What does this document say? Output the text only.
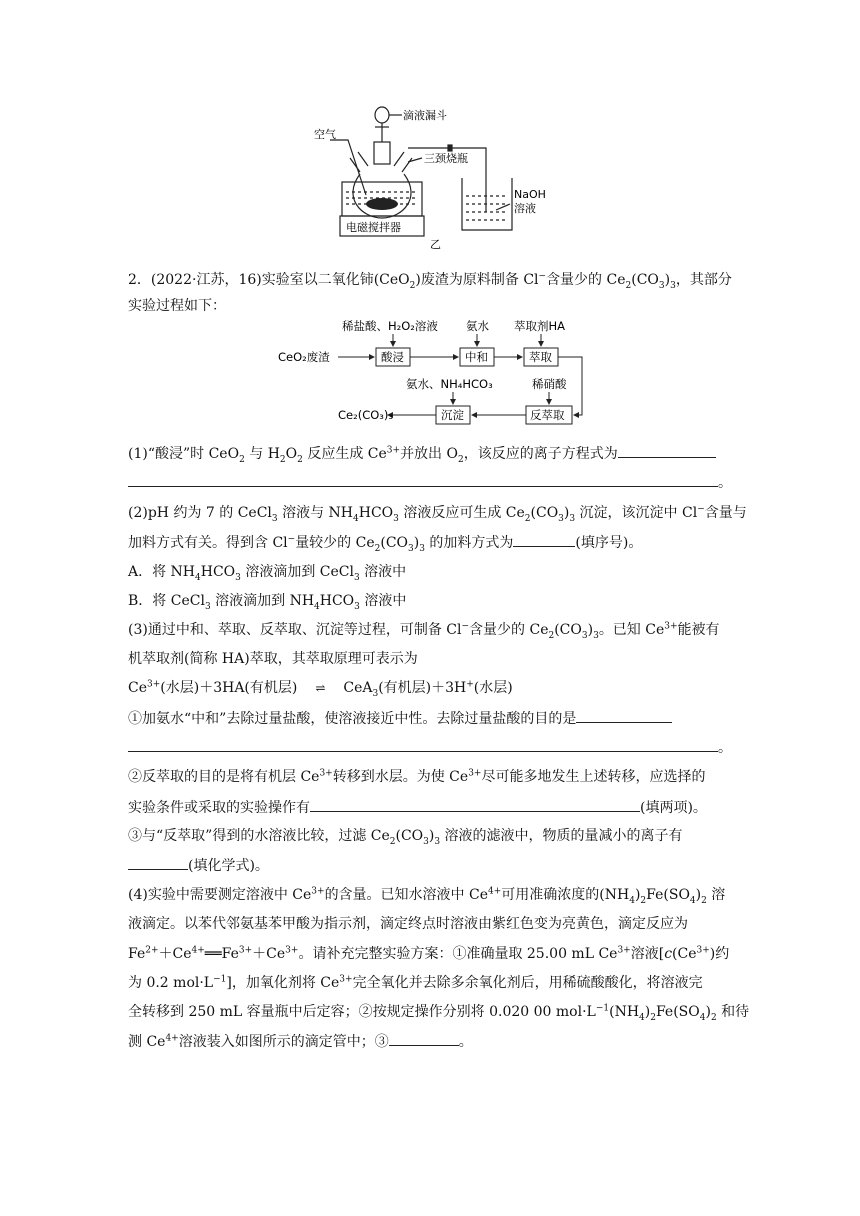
滴液漏斗
空气
三颈烧瓶
NaOH
溶液
电磁搅拌器
乙
稀盐酸、H₂O₂溶液 氨水 萃取剂HA
氨水、NH₄HCO₃	稀硝酸
CeO₂废渣	酸浸	中和	萃取
反萃取
沉淀
Ce₂(CO₃)₃
2．(2022·江苏，16)实验室以二氧化铈(CeO$_2$)废渣为原料制备 Cl−含量少的 $Ce_2(CO_3)_3$，其部分
实验过程如下：
(1)“酸浸”时 CeO$_2$ 与 $H_2O_2$ 反应生成 $Ce^{3+}$并放出 $O_2$，该反应的离子方程式为
。
(2)pH 约为 7 的 CeCl$_3$ 溶液与 $NH_4HCO_3$ 溶液反应可生成 $Ce_2(CO_3)_3$ 沉淀，该沉淀中 Cl−含量与
加料方式有关。得到含 Cl−量较少的 $Ce_2(CO_3)_3$ 的加料方式为	(填序号)。
A．将 $NH_4HCO_3$ 溶液滴加到 CeCl$_3$ 溶液中
B．将 CeCl$_3$ 溶液滴加到 $NH_4HCO_3$ 溶液中
(3)通过中和、萃取、反萃取、沉淀等过程，可制备 Cl−含量少的 $Ce_2(CO_3)_3$。已知 $Ce^{3+}$能被有
机萃取剂(简称 HA)萃取，其萃取原理可表示为
$Ce^{3+}$(水层)＋3HA(有机层) ⇌ CeA$_3$(有机层)＋3H+(水层)
①加氨水“中和”去除过量盐酸，使溶液接近中性。去除过量盐酸的目的是
。
②反萃取的目的是将有机层 $Ce^{3+}$转移到水层。为使 $Ce^{3+}$尽可能多地发生上述转移，应选择的
实验条件或采取的实验操作有	(填两项)。
③与“反萃取”得到的水溶液比较，过滤 $Ce_2(CO_3)_3$ 溶液的滤液中，物质的量减小的离子有
(填化学式)。
(4)实验中需要测定溶液中 $Ce^{3+}$的含量。已知水溶液中 $Ce^{4+}$可用准确浓度的$(NH_4)_2Fe(SO_4)_2$ 溶
液滴定。以苯代邻氨基苯甲酸为指示剂，滴定终点时溶液由紫红色变为亮黄色，滴定反应为
$Fe^{2+}+Ce^{4+}══Fe^{3+}+Ce^{3+}$。请补充完整实验方案：①准确量取 25.00 mL $Ce^{3+}$溶液[$c(Ce^{3+})$约
为 0.2 $mol\cdot L^{-1}$]，加氧化剂将 $Ce^{3+}$完全氧化并去除多余氧化剂后，用稀硫酸酸化，将溶液完
全转移到 250 mL 容量瓶中后定容；②按规定操作分别将 0.020 00 $mol\cdot L^{-1}(NH_4)_2Fe(SO_4)_2$ 和待
测 $Ce^{4+}$溶液装入如图所示的滴定管中；③	。
